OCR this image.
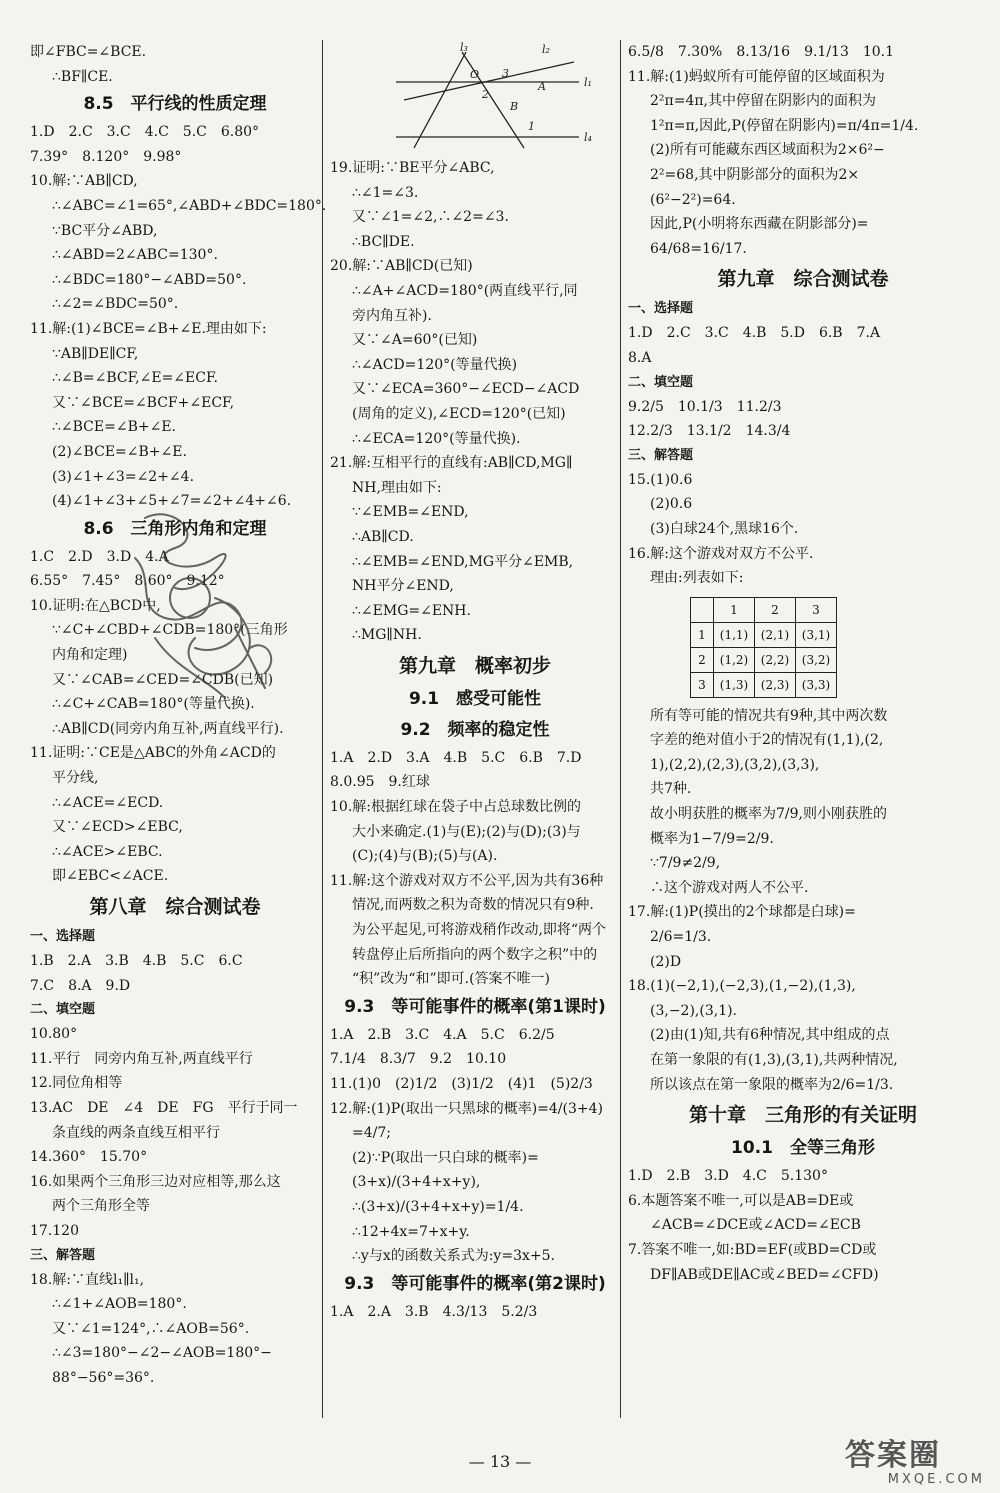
即∠FBC=∠BCE.
∴BF∥CE.
8.5　平行线的性质定理
1.D　2.C　3.C　4.C　5.C　6.80°
7.39°　8.120°　9.98°
10.解:∵AB∥CD,
∴∠ABC=∠1=65°,∠ABD+∠BDC=180°.
∵BC平分∠ABD,
∴∠ABD=2∠ABC=130°.
∴∠BDC=180°−∠ABD=50°.
∴∠2=∠BDC=50°.
11.解:(1)∠BCE=∠B+∠E.理由如下:
∵AB∥DE∥CF,
∴∠B=∠BCF,∠E=∠ECF.
又∵∠BCE=∠BCF+∠ECF,
∴∠BCE=∠B+∠E.
(2)∠BCE=∠B+∠E.
(3)∠1+∠3=∠2+∠4.
(4)∠1+∠3+∠5+∠7=∠2+∠4+∠6.
8.6　三角形内角和定理
1.C　2.D　3.D　4.A
6.55°　7.45°　8.60°　9.12°
10.证明:在△BCD中,
∵∠C+∠CBD+∠CDB=180°(三角形
内角和定理)
又∵∠CAB=∠CED=∠CDB(已知)
∴∠C+∠CAB=180°(等量代换).
∴AB∥CD(同旁内角互补,两直线平行).
11.证明:∵CE是△ABC的外角∠ACD的
平分线,
∴∠ACE=∠ECD.
又∵∠ECD>∠EBC,
∴∠ACE>∠EBC.
即∠EBC<∠ACE.
第八章　综合测试卷
一、选择题
1.B　2.A　3.B　4.B　5.C　6.C
7.C　8.A　9.D
二、填空题
10.80°
11.平行　同旁内角互补,两直线平行
12.同位角相等
13.AC　DE　∠4　DE　FG　平行于同一
条直线的两条直线互相平行
14.360°　15.70°
16.如果两个三角形三边对应相等,那么这
两个三角形全等
17.120
三、解答题
18.解:∵直线l₁∥l₁,
∴∠1+∠AOB=180°.
又∵∠1=124°,∴∠AOB=56°.
∴∠3=180°−∠2−∠AOB=180°−
88°−56°=36°.
l₃	l₂
O 3
l₁
2
B
A
1
l₄
19.证明:∵BE平分∠ABC,
∴∠1=∠3.
又∵∠1=∠2,∴∠2=∠3.
∴BC∥DE.
20.解:∵AB∥CD(已知)
∴∠A+∠ACD=180°(两直线平行,同
旁内角互补).
又∵∠A=60°(已知)
∴∠ACD=120°(等量代换)
又∵∠ECA=360°−∠ECD−∠ACD
(周角的定义),∠ECD=120°(已知)
∴∠ECA=120°(等量代换).
21.解:互相平行的直线有:AB∥CD,MG∥
NH,理由如下:
∵∠EMB=∠END,
∴AB∥CD.
∴∠EMB=∠END,MG平分∠EMB,
NH平分∠END,
∴∠EMG=∠ENH.
∴MG∥NH.
第九章　概率初步
9.1　感受可能性
9.2　频率的稳定性
1.A　2.D　3.A　4.B　5.C　6.B　7.D
8.0.95　9.红球
10.解:根据红球在袋子中占总球数比例的
大小来确定.(1)与(E);(2)与(D);(3)与
(C);(4)与(B);(5)与(A).
11.解:这个游戏对双方不公平,因为共有36种
情况,而两数之积为奇数的情况只有9种.
为公平起见,可将游戏稍作改动,即将“两个
转盘停止后所指向的两个数字之积”中的
“积”改为“和”即可.(答案不唯一)
9.3　等可能事件的概率(第1课时)
1.A　2.B　3.C　4.A　5.C　6.2/5
7.1/4　8.3/7　9.2　10.10
11.(1)0　(2)1/2　(3)1/2　(4)1　(5)2/3
12.解:(1)P(取出一只黑球的概率)=4/(3+4)
=4/7;
(2)∵P(取出一只白球的概率)=
(3+x)/(3+4+x+y),
∴(3+x)/(3+4+x+y)=1/4.
∴12+4x=7+x+y.
∴y与x的函数关系式为:y=3x+5.
9.3　等可能事件的概率(第2课时)
1.A　2.A　3.B　4.3/13　5.2/3
6.5/8　7.30%　8.13/16　9.1/13　10.1
11.解:(1)蚂蚁所有可能停留的区域面积为
2²π=4π,其中停留在阴影内的面积为
1²π=π,因此,P(停留在阴影内)=π/4π=1/4.
(2)所有可能藏东西区域面积为2×6²−
2²=68,其中阴影部分的面积为2×
(6²−2²)=64.
因此,P(小明将东西藏在阴影部分)=
64/68=16/17.
第九章　综合测试卷
一、选择题
1.D　2.C　3.C　4.B　5.D　6.B　7.A
8.A
二、填空题
9.2/5　10.1/3　11.2/3
12.2/3　13.1/2　14.3/4
三、解答题
15.(1)0.6
(2)0.6
(3)白球24个,黑球16个.
16.解:这个游戏对双方不公平.
理由:列表如下:
	1	2	3
1	(1,1)	(2,1)	(3,1)
2	(1,2)	(2,2)	(3,2)
3	(1,3)	(2,3)	(3,3)
所有等可能的情况共有9种,其中两次数
字差的绝对值小于2的情况有(1,1),(2,
1),(2,2),(2,3),(3,2),(3,3),
共7种.
故小明获胜的概率为7/9,则小刚获胜的
概率为1−7/9=2/9.
∵7/9≠2/9,
∴这个游戏对两人不公平.
17.解:(1)P(摸出的2个球都是白球)=
2/6=1/3.
(2)D
18.(1)(−2,1),(−2,3),(1,−2),(1,3),
(3,−2),(3,1).
(2)由(1)知,共有6种情况,其中组成的点
在第一象限的有(1,3),(3,1),共两种情况,
所以该点在第一象限的概率为2/6=1/3.
第十章　三角形的有关证明
10.1　全等三角形
1.D　2.B　3.D　4.C　5.130°
6.本题答案不唯一,可以是AB=DE或
∠ACB=∠DCE或∠ACD=∠ECB
7.答案不唯一,如:BD=EF(或BD=CD或
DF∥AB或DE∥AC或∠BED=∠CFD)
— 13 —	答案圈
MXQE.COM
